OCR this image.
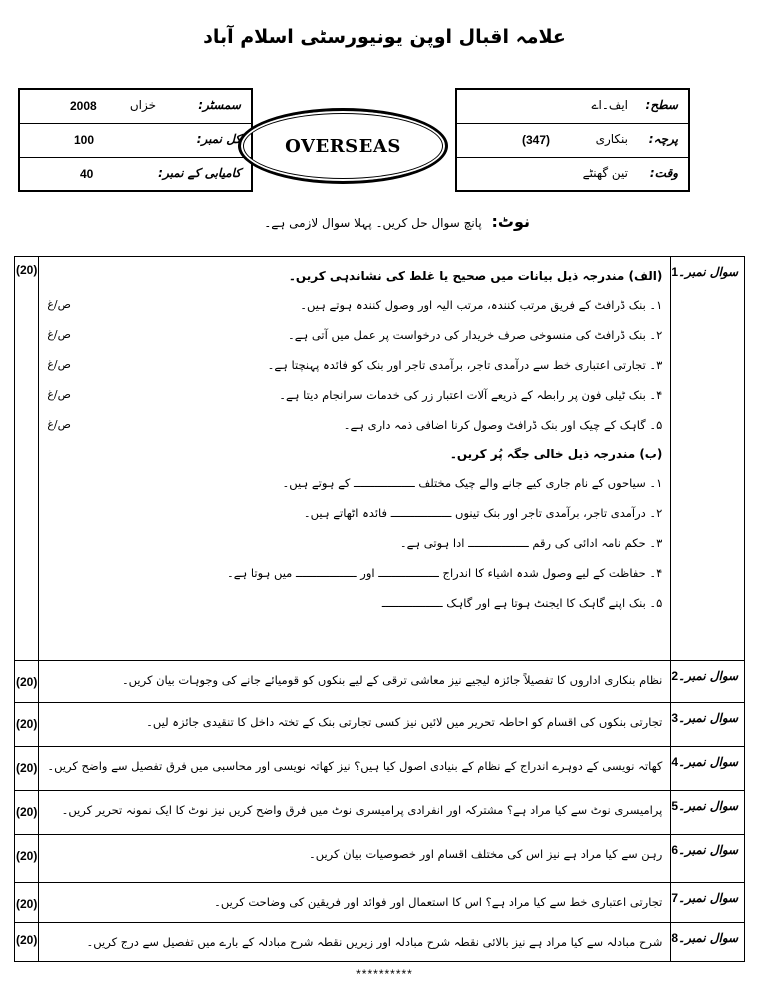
علامہ اقبال اوپن یونیورسٹی اسلام آباد
سمسٹر:
خزاں
2008
کل نمبر:
100
کامیابی کے نمبر:
40
OVERSEAS
سطح:
ایف۔اے
پرچہ:
بنکاری
(347)
وقت:
تین گھنٹے
نوٹ: پانچ سوال حل کریں۔ پہلا سوال لازمی ہے۔
(20)	(الف) مندرجہ ذیل بیانات میں صحیح یا غلط کی نشاندہی کریں۔
۱۔ بنک ڈرافٹ کے فریق مرتب کنندہ، مرتب الیہ اور وصول کنندہ ہوتے ہیں۔
ص/غ
۲۔ بنک ڈرافٹ کی منسوخی صرف خریدار کی درخواست پر عمل میں آتی ہے۔
ص/غ
۳۔ تجارتی اعتباری خط سے درآمدی تاجر، برآمدی تاجر اور بنک کو فائدہ پہنچتا ہے۔
ص/غ
۴۔ بنک ٹیلی فون پر رابطہ کے ذریعے آلات اعتبار زر کی خدمات سرانجام دیتا ہے۔
ص/غ
۵۔ گاہک کے چیک اور بنک ڈرافٹ وصول کرنا اضافی ذمہ داری ہے۔
ص/غ
(ب) مندرجہ ذیل خالی جگہ پُر کریں۔
۱۔ سیاحوں کے نام جاری کیے جانے والے چیک مختلف ــــــــــــــــــ کے ہوتے ہیں۔
۲۔ درآمدی تاجر، برآمدی تاجر اور بنک تینوں ــــــــــــــــــ فائدہ اٹھاتے ہیں۔
۳۔ حکم نامہ ادائی کی رقم ــــــــــــــــــ ادا ہوتی ہے۔
۴۔ حفاظت کے لیے وصول شدہ اشیاء کا اندراج ــــــــــــــــــ اور ــــــــــــــــــ میں ہوتا ہے۔
۵۔ بنک اپنے گاہک کا ایجنٹ ہوتا ہے اور گاہک ــــــــــــــــــ
	سوال نمبر۔1
(20)	نظام بنکاری اداروں کا تفصیلاً جائزہ لیجیے نیز معاشی ترقی کے لیے بنکوں کو قومیائے جانے کی وجوہات بیان کریں۔	سوال نمبر۔2
(20)	تجارتی بنکوں کی اقسام کو احاطہ تحریر میں لائیں نیز کسی تجارتی بنک کے تختہ داخل کا تنقیدی جائزہ لیں۔	سوال نمبر۔3
(20)	کھاتہ نویسی کے دوہرے اندراج کے نظام کے بنیادی اصول کیا ہیں؟ نیز کھاتہ نویسی اور محاسبی میں فرق تفصیل سے واضح کریں۔	سوال نمبر۔4
(20)	پرامیسری نوٹ سے کیا مراد ہے؟ مشترکہ اور انفرادی پرامیسری نوٹ میں فرق واضح کریں نیز نوٹ کا ایک نمونہ تحریر کریں۔	سوال نمبر۔5
(20)	رہن سے کیا مراد ہے نیز اس کی مختلف اقسام اور خصوصیات بیان کریں۔	سوال نمبر۔6
(20)	تجارتی اعتباری خط سے کیا مراد ہے؟ اس کا استعمال اور فوائد اور فریقین کی وضاحت کریں۔	سوال نمبر۔7
(20)	شرح مبادلہ سے کیا مراد ہے نیز بالائی نقطہ شرح مبادلہ اور زیریں نقطہ شرح مبادلہ کے بارے میں تفصیل سے درج کریں۔	سوال نمبر۔8
**********
